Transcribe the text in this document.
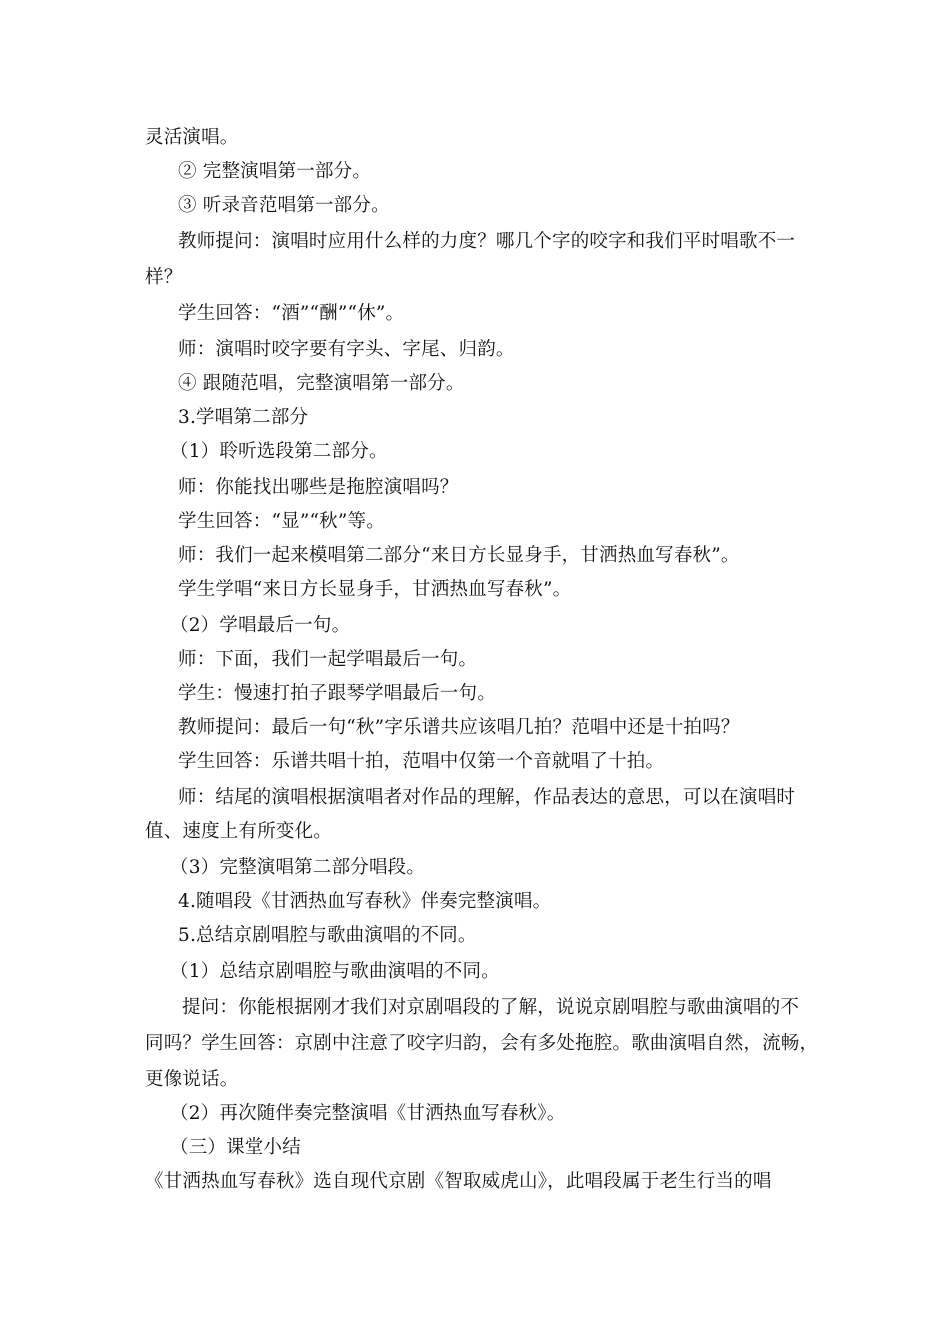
灵活演唱。
② 完整演唱第一部分。
③ 听录音范唱第一部分。
教师提问：演唱时应用什么样的力度？哪几个字的咬字和我们平时唱歌不一
样？
学生回答：“酒”“酬”“休”。
师：演唱时咬字要有字头、字尾、归韵。
④ 跟随范唱，完整演唱第一部分。
3.学唱第二部分
（1）聆听选段第二部分。
师：你能找出哪些是拖腔演唱吗？
学生回答：“显”“秋”等。
师：我们一起来模唱第二部分“来日方长显身手，甘洒热血写春秋”。
学生学唱“来日方长显身手，甘洒热血写春秋”。
（2）学唱最后一句。
师：下面，我们一起学唱最后一句。
学生：慢速打拍子跟琴学唱最后一句。
教师提问：最后一句“秋”字乐谱共应该唱几拍？范唱中还是十拍吗？
学生回答：乐谱共唱十拍，范唱中仅第一个音就唱了十拍。
师：结尾的演唱根据演唱者对作品的理解，作品表达的意思，可以在演唱时
值、速度上有所变化。
（3）完整演唱第二部分唱段。
4.随唱段《甘洒热血写春秋》伴奏完整演唱。
5.总结京剧唱腔与歌曲演唱的不同。
（1）总结京剧唱腔与歌曲演唱的不同。
提问：你能根据刚才我们对京剧唱段的了解，说说京剧唱腔与歌曲演唱的不
同吗？学生回答：京剧中注意了咬字归韵，会有多处拖腔。歌曲演唱自然，流畅，
更像说话。
（2）再次随伴奏完整演唱《甘洒热血写春秋》。
（三）课堂小结
《甘洒热血写春秋》选自现代京剧《智取威虎山》，此唱段属于老生行当的唱
